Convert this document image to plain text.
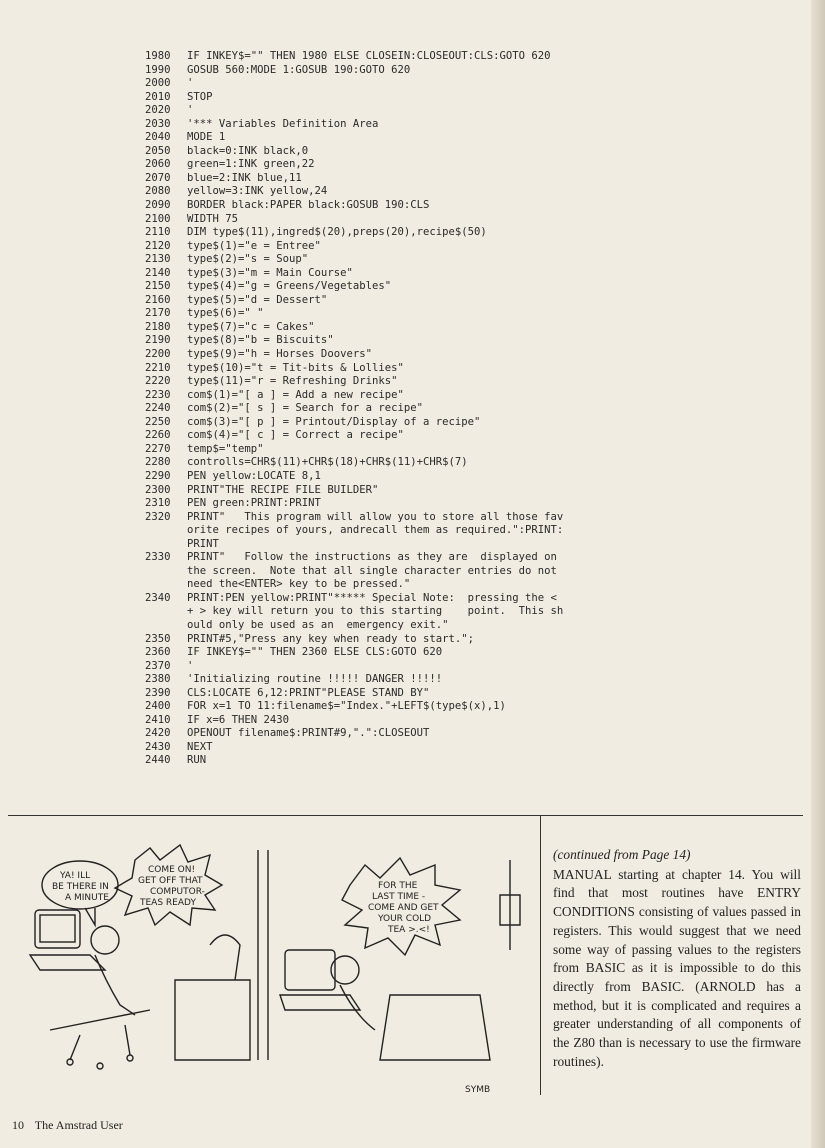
1980	IF INKEY$="" THEN 1980 ELSE CLOSEIN:CLOSEOUT:CLS:GOTO 620
1990	GOSUB 560:MODE 1:GOSUB 190:GOTO 620
2000	'
2010	STOP
2020	'
2030	'*** Variables Definition Area
2040	MODE 1
2050	black=0:INK black,0
2060	green=1:INK green,22
2070	blue=2:INK blue,11
2080	yellow=3:INK yellow,24
2090	BORDER black:PAPER black:GOSUB 190:CLS
2100	WIDTH 75
2110	DIM type$(11),ingred$(20),preps(20),recipe$(50)
2120	type$(1)="e = Entree"
2130	type$(2)="s = Soup"
2140	type$(3)="m = Main Course"
2150	type$(4)="g = Greens/Vegetables"
2160	type$(5)="d = Dessert"
2170	type$(6)=" "
2180	type$(7)="c = Cakes"
2190	type$(8)="b = Biscuits"
2200	type$(9)="h = Horses Doovers"
2210	type$(10)="t = Tit-bits & Lollies"
2220	type$(11)="r = Refreshing Drinks"
2230	com$(1)="[ a ] = Add a new recipe"
2240	com$(2)="[ s ] = Search for a recipe"
2250	com$(3)="[ p ] = Printout/Display of a recipe"
2260	com$(4)="[ c ] = Correct a recipe"
2270	temp$="temp"
2280	controlls=CHR$(11)+CHR$(18)+CHR$(11)+CHR$(7)
2290	PEN yellow:LOCATE 8,1
2300	PRINT"THE RECIPE FILE BUILDER"
2310	PEN green:PRINT:PRINT
2320	PRINT"   This program will allow you to store all those fav
orite recipes of yours, andrecall them as required.":PRINT:
PRINT
2330	PRINT"   Follow the instructions as they are  displayed on
the screen.  Note that all single character entries do not
need the<ENTER> key to be pressed."
2340	PRINT:PEN yellow:PRINT"***** Special Note:  pressing the <
+ > key will return you to this starting    point.  This sh
ould only be used as an  emergency exit."
2350	PRINT#5,"Press any key when ready to start.";
2360	IF INKEY$="" THEN 2360 ELSE CLS:GOTO 620
2370	'
2380	'Initializing routine !!!!! DANGER !!!!!
2390	CLS:LOCATE 6,12:PRINT"PLEASE STAND BY"
2400	FOR x=1 TO 11:filename$="Index."+LEFT$(type$(x),1)
2410	IF x=6 THEN 2430
2420	OPENOUT filename$:PRINT#9,".":CLOSEOUT
2430	NEXT
2440	RUN
YA! ILL
BE THERE IN
A MINUTE
COME ON!
GET OFF THAT
COMPUTOR-
TEAS READY
FOR THE
LAST TIME -
COME AND GET
YOUR COLD
TEA >.<!
SYMB
(continued from Page 14)
MANUAL starting at chapter 14. You will find that most routines have ENTRY CONDITIONS consisting of values passed in registers. This would suggest that we need some way of passing values to the registers from BASIC as it is impossible to do this directly from BASIC. (ARNOLD has a method, but it is complicated and requires a greater understanding of all components of the Z80 than is necessary to use the firmware routines).
10 The Amstrad User
